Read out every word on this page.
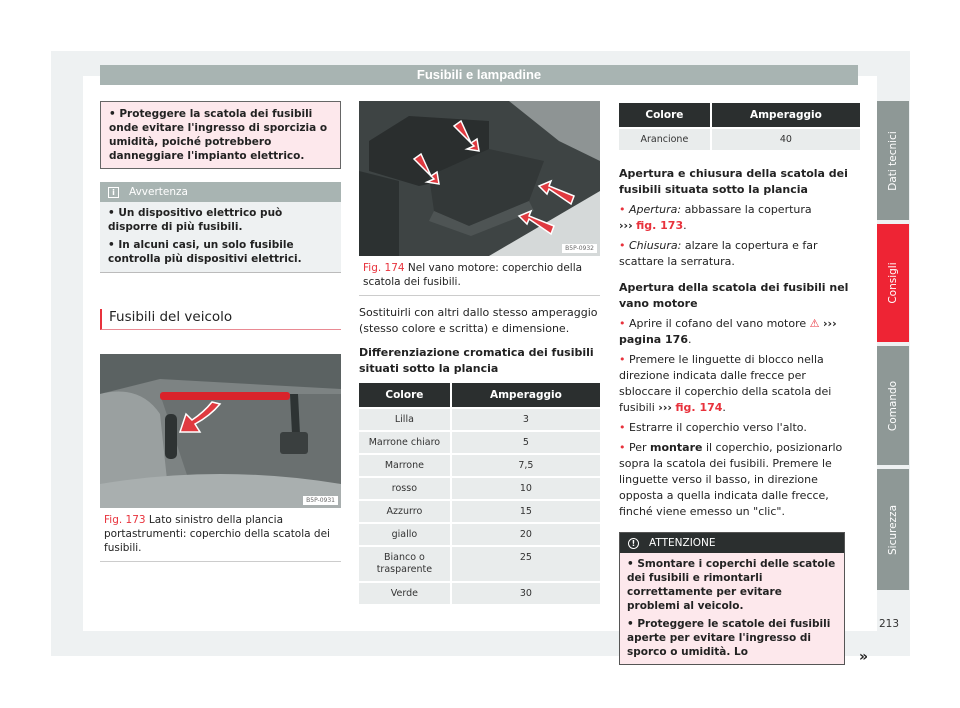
Fusibili e lampadine
• Proteggere la scatola dei fusibili onde evitare l'ingresso di sporcizia o umidità, poiché potrebbero danneggiare l'impianto elettrico.
i	Avvertenza

• Un dispositivo elettrico può disporre di più fusibili.

• In alcuni casi, un solo fusibile controlla più dispositivi elettrici.

Fusibili del veicolo
B5P-0931
Fig. 173 Lato sinistro della plancia portastrumenti: coperchio della scatola dei fusibili.
B5P-0932
Fig. 174 Nel vano motore: coperchio della scatola dei fusibili.

Sostituirli con altri dallo stesso amperaggio (stesso colore e scritta) e dimensione.

Differenziazione cromatica dei fusibili situati sotto la plancia

Colore	Amperaggio
Lilla	3
Marrone chiaro	5
Marrone	7,5
rosso	10
Azzurro	15
giallo	20
Bianco o trasparente	25
Verde	30
Colore	Amperaggio
Arancione	40

Apertura e chiusura della scatola dei fusibili situata sotto la plancia

• Apertura: abbassare la copertura
››› fig. 173.

• Chiusura: alzare la copertura e far scattare la serratura.

Apertura della scatola dei fusibili nel vano motore

• Aprire il cofano del vano motore ⚠ ››› pagina 176.

• Premere le linguette di blocco nella direzione indicata dalle frecce per sbloccare il coperchio della scatola dei fusibili ››› fig. 174.

• Estrarre il coperchio verso l'alto.

• Per montare il coperchio, posizionarlo sopra la scatola dei fusibili. Premere le linguette verso il basso, in direzione opposta a quella indicata dalle frecce, finché viene emesso un "clic".

!	ATTENZIONE

• Smontare i coperchi delle scatole dei fusibili e rimontarli correttamente per evitare problemi al veicolo.

• Proteggere le scatole dei fusibili aperte per evitare l'ingresso di sporco o umidità. Lo	»
Dati tecnici
Consigli
Comando
Sicurezza
213
